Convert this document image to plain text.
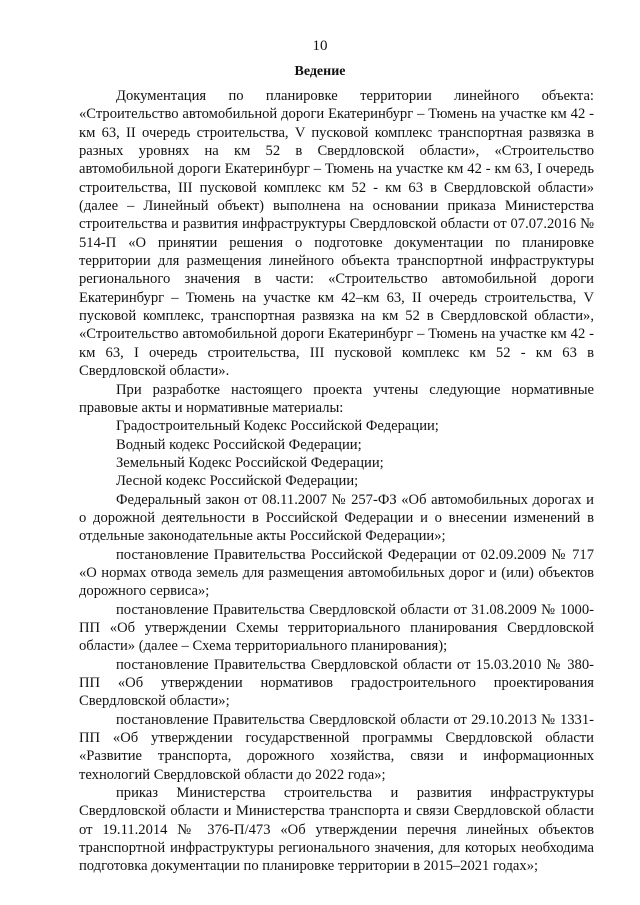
10
Ведение

Документация по планировке территории линейного объекта: «Строительство автомобильной дороги Екатеринбург – Тюмень на участке км 42 - км 63, II очередь строительства, V пусковой комплекс транспортная развязка в разных уровнях на км 52 в Свердловской области», «Строительство автомобильной дороги Екатеринбург – Тюмень на участке км 42 - км 63, I очередь строительства, III пусковой комплекс км 52 - км 63 в Свердловской области» (далее – Линейный объект) выполнена на основании приказа Министерства строительства и развития инфраструктуры Свердловской области от 07.07.2016 № 514-П «О принятии решения о подготовке документации по планировке территории для размещения линейного объекта транспортной инфраструктуры регионального значения в части: «Строительство автомобильной дороги Екатеринбург – Тюмень на участке км 42–км 63, II очередь строительства, V пусковой комплекс, транспортная развязка на км 52 в Свердловской области», «Строительство автомобильной дороги Екатеринбург – Тюмень на участке км 42 - км 63, I очередь строительства, III пусковой комплекс км 52 - км 63 в Свердловской области».

При разработке настоящего проекта учтены следующие нормативные правовые акты и нормативные материалы:

Градостроительный Кодекс Российской Федерации;

Водный кодекс Российской Федерации;

Земельный Кодекс Российской Федерации;

Лесной кодекс Российской Федерации;

Федеральный закон от 08.11.2007 № 257-ФЗ «Об автомобильных дорогах и о дорожной деятельности в Российской Федерации и о внесении изменений в отдельные законодательные акты Российской Федерации»;

постановление Правительства Российской Федерации от 02.09.2009 № 717 «О нормах отвода земель для размещения автомобильных дорог и (или) объектов дорожного сервиса»;

постановление Правительства Свердловской области от 31.08.2009 № 1000-ПП «Об утверждении Схемы территориального планирования Свердловской области» (далее – Схема территориального планирования);

постановление Правительства Свердловской области от 15.03.2010 № 380-ПП «Об утверждении нормативов градостроительного проектирования Свердловской области»;

постановление Правительства Свердловской области от 29.10.2013 № 1331-ПП «Об утверждении государственной программы Свердловской области «Развитие транспорта, дорожного хозяйства, связи и информационных технологий Свердловской области до 2022 года»;

приказ Министерства строительства и развития инфраструктуры Свердловской области и Министерства транспорта и связи Свердловской области от 19.11.2014 № 376-П/473 «Об утверждении перечня линейных объектов транспортной инфраструктуры регионального значения, для которых необходима подготовка документации по планировке территории в 2015–2021 годах»;
